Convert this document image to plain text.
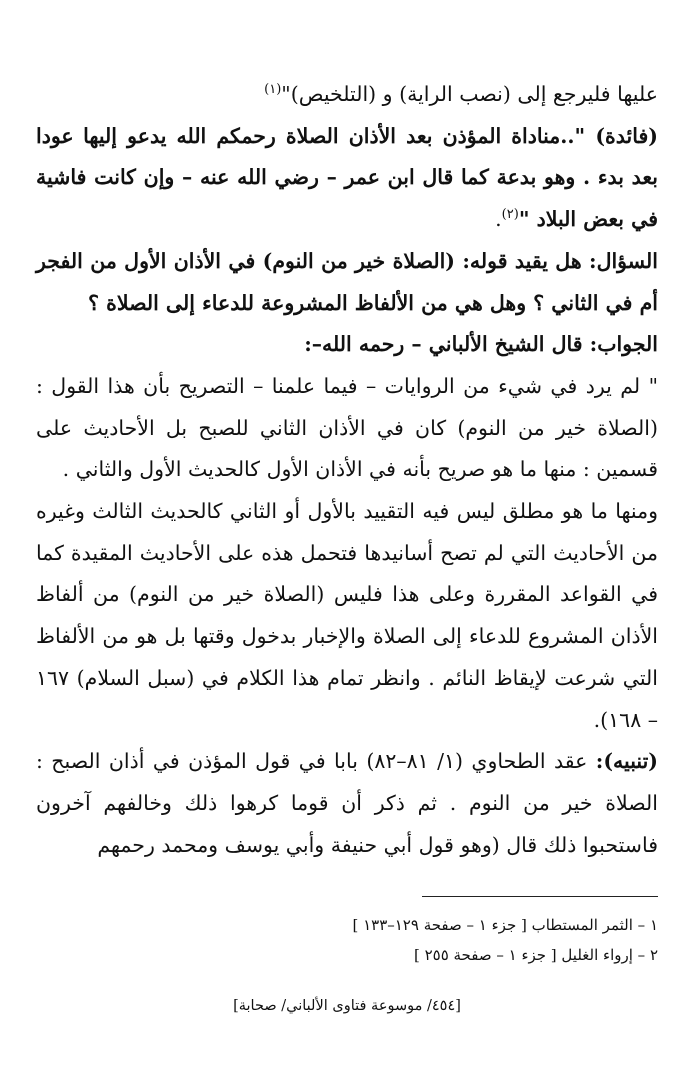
عليها فليرجع إلى (نصب الراية) و (التلخيص)"$^{(١)}$

(فائدة) "..مناداة المؤذن بعد الأذان الصلاة رحمكم الله يدعو إليها عودا بعد بدء . وهو بدعة كما قال ابن عمر – رضي الله عنه – وإن كانت فاشية في بعض البلاد "$^{(٢)}$.

السؤال: هل يقيد قوله: (الصلاة خير من النوم) في الأذان الأول من الفجر أم في الثاني ؟ وهل هي من الألفاظ المشروعة للدعاء إلى الصلاة ؟

الجواب: قال الشيخ الألباني – رحمه الله–:

" لم يرد في شيء من الروايات – فيما علمنا – التصريح بأن هذا القول : (الصلاة خير من النوم) كان في الأذان الثاني للصبح بل الأحاديث على قسمين : منها ما هو صريح بأنه في الأذان الأول كالحديث الأول والثاني .

ومنها ما هو مطلق ليس فيه التقييد بالأول أو الثاني كالحديث الثالث وغيره من الأحاديث التي لم تصح أسانيدها فتحمل هذه على الأحاديث المقيدة كما في القواعد المقررة وعلى هذا فليس (الصلاة خير من النوم) من ألفاظ الأذان المشروع للدعاء إلى الصلاة والإخبار بدخول وقتها بل هو من الألفاظ التي شرعت لإيقاظ النائم . وانظر تمام هذا الكلام في (سبل السلام) ١٦٧ – ١٦٨).

(تنبيه): عقد الطحاوي (١/ ٨١–٨٢) بابا في قول المؤذن في أذان الصبح : الصلاة خير من النوم . ثم ذكر أن قوما كرهوا ذلك وخالفهم آخرون فاستحبوا ذلك قال (وهو قول أبي حنيفة وأبي يوسف ومحمد رحمهم

١ – الثمر المستطاب [ جزء ١ – صفحة ١٢٩–١٣٣ ]

٢ – إرواء الغليل [ جزء ١ – صفحة ٢٥٥ ]

[٤٥٤/ موسوعة فتاوى الألباني/ صحابة]
